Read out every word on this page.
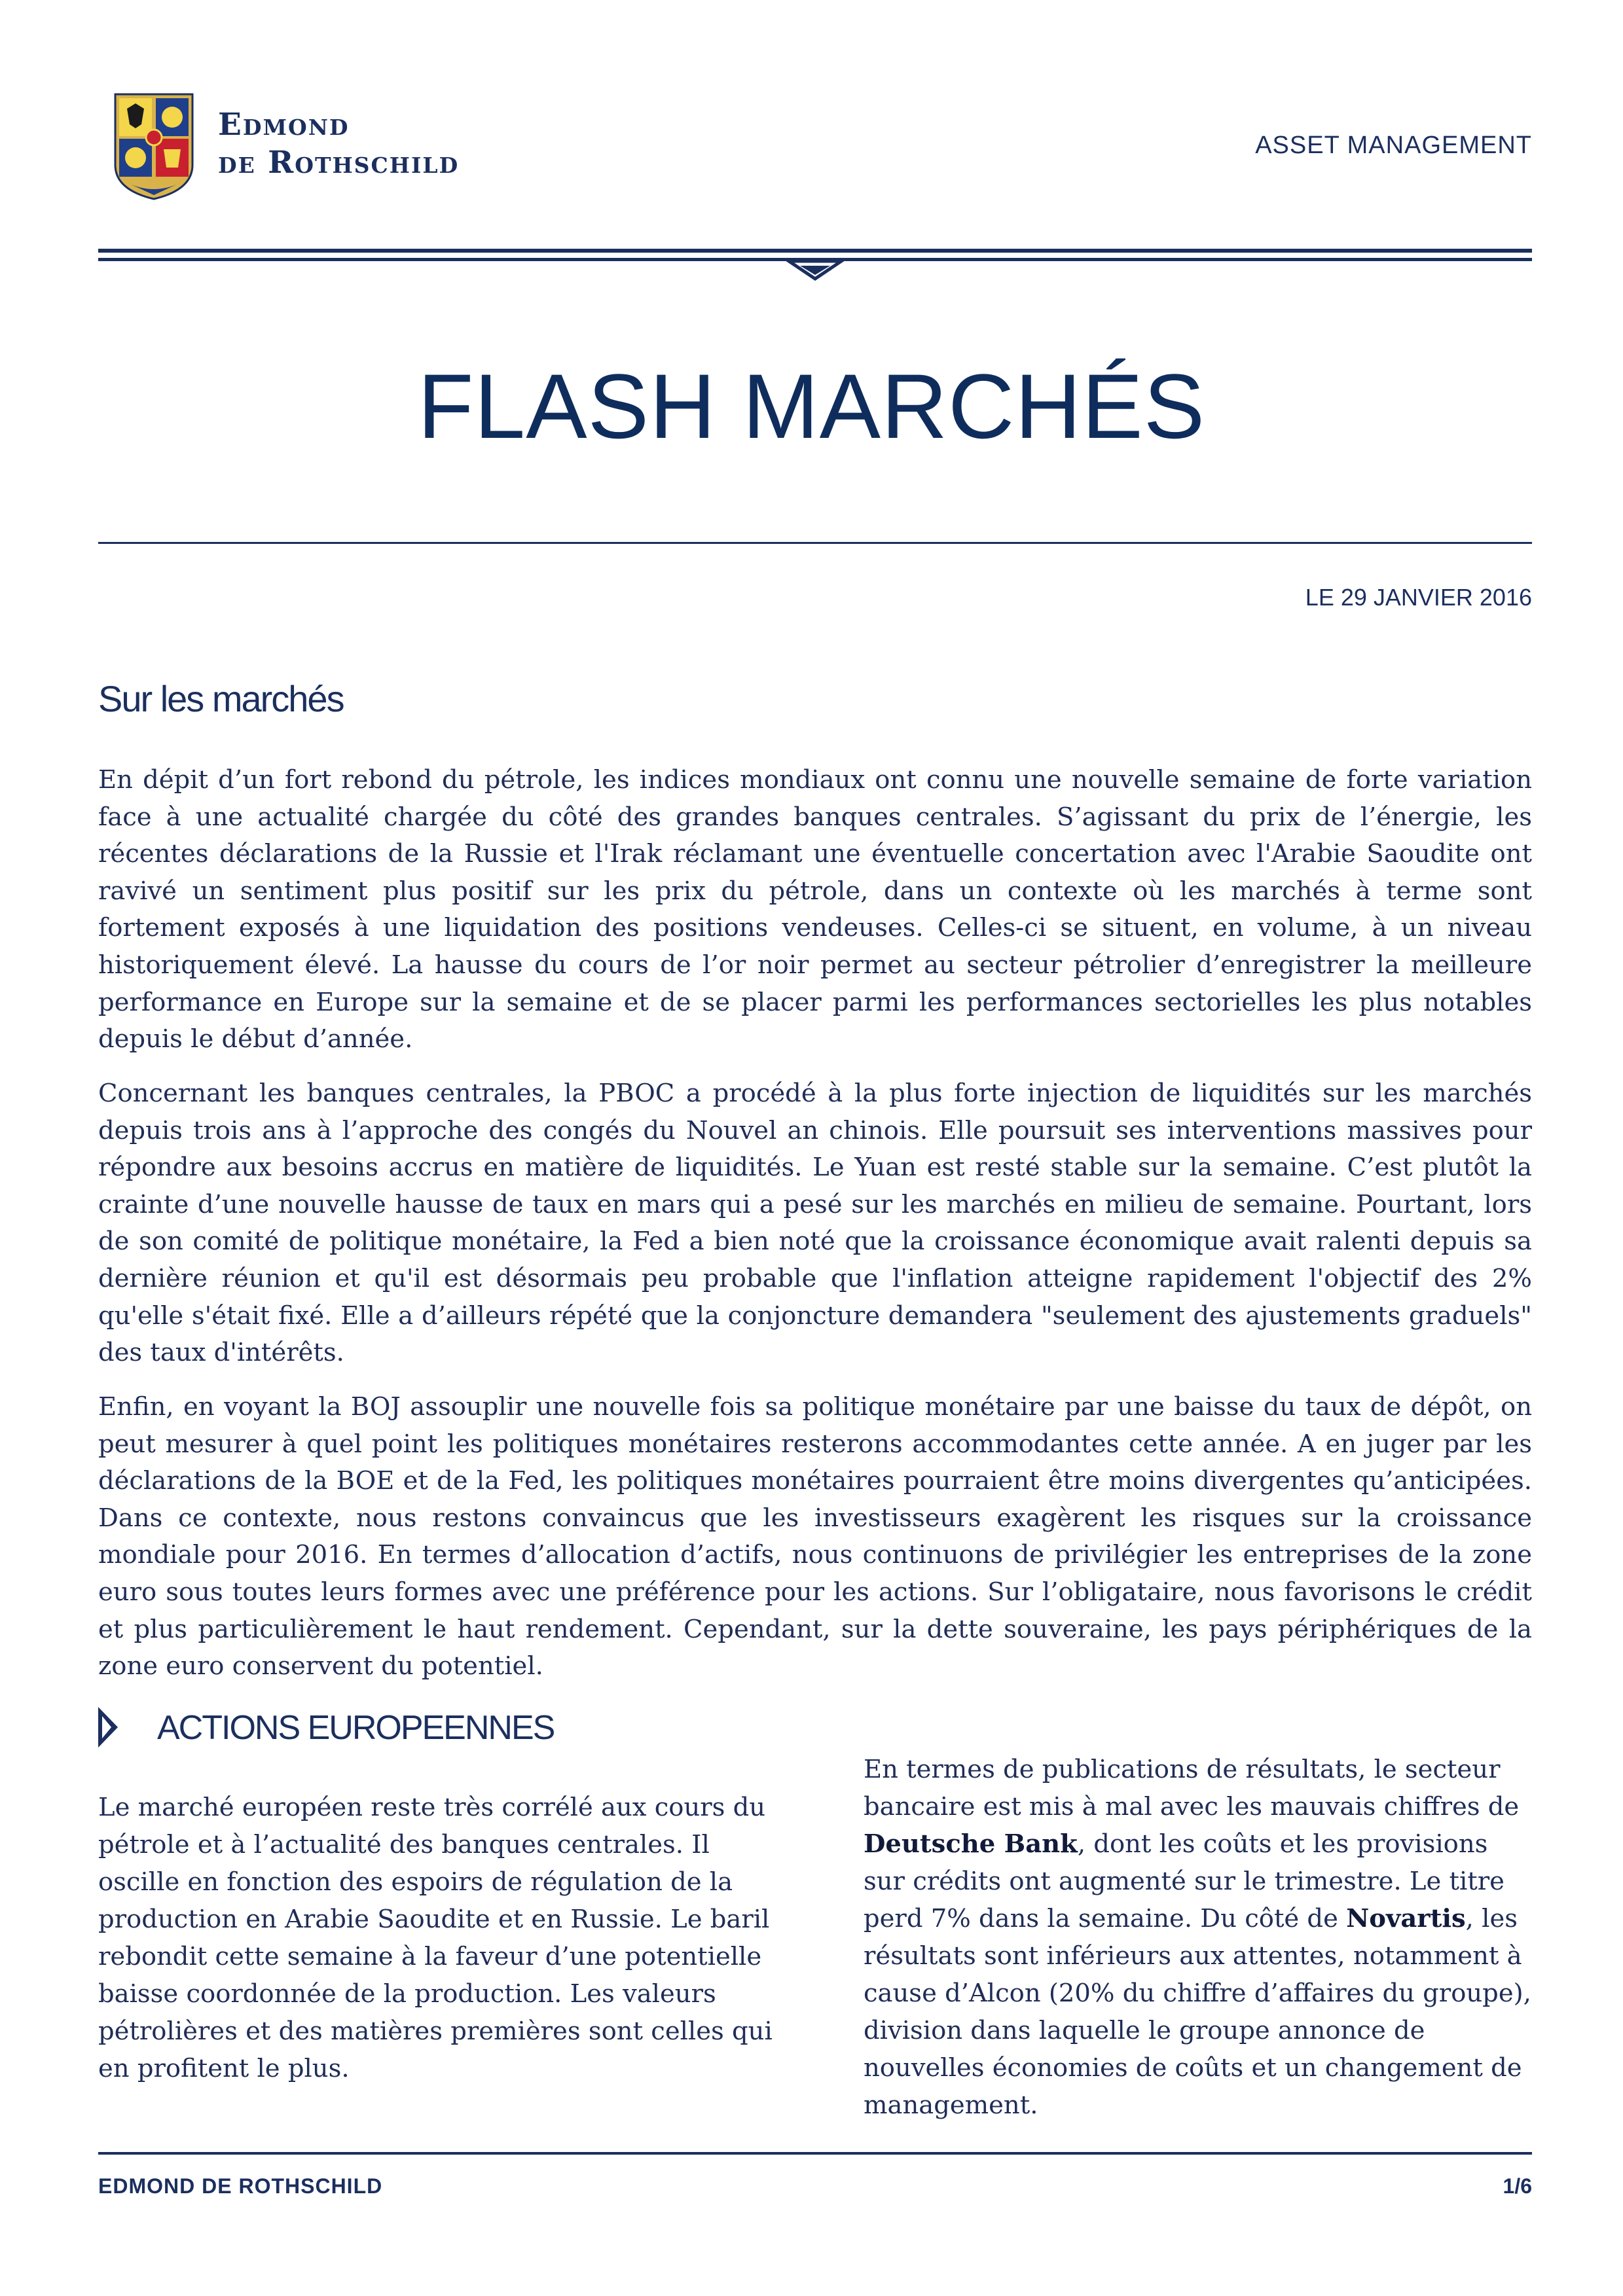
Edmond
de Rothschild	ASSET MANAGEMENT
FLASH MARCHÉS
LE 29 JANVIER 2016
Sur les marchés
En dépit d’un fort rebond du pétrole, les indices mondiaux ont connu une nouvelle semaine de forte variation face à une actualité chargée du côté des grandes banques centrales. S’agissant du prix de l’énergie, les récentes déclarations de la Russie et l'Irak réclamant une éventuelle concertation avec l'Arabie Saoudite ont ravivé un sentiment plus positif sur les prix du pétrole, dans un contexte où les marchés à terme sont fortement exposés à une liquidation des positions vendeuses. Celles-ci se situent, en volume, à un niveau historiquement élevé. La hausse du cours de l’or noir permet au secteur pétrolier d’enregistrer la meilleure performance en Europe sur la semaine et de se placer parmi les performances sectorielles les plus notables depuis le début d’année.
Concernant les banques centrales, la PBOC a procédé à la plus forte injection de liquidités sur les marchés depuis trois ans à l’approche des congés du Nouvel an chinois. Elle poursuit ses interventions massives pour répondre aux besoins accrus en matière de liquidités. Le Yuan est resté stable sur la semaine. C’est plutôt la crainte d’une nouvelle hausse de taux en mars qui a pesé sur les marchés en milieu de semaine. Pourtant, lors de son comité de politique monétaire, la Fed a bien noté que la croissance économique avait ralenti depuis sa dernière réunion et qu'il est désormais peu probable que l'inflation atteigne rapidement l'objectif des 2% qu'elle s'était fixé. Elle a d’ailleurs répété que la conjoncture demandera "seulement des ajustements graduels" des taux d'intérêts.
Enfin, en voyant la BOJ assouplir une nouvelle fois sa politique monétaire par une baisse du taux de dépôt, on peut mesurer à quel point les politiques monétaires resterons accommodantes cette année. A en juger par les déclarations de la BOE et de la Fed, les politiques monétaires pourraient être moins divergentes qu’anticipées. Dans ce contexte, nous restons convaincus que les investisseurs exagèrent les risques sur la croissance mondiale pour 2016. En termes d’allocation d’actifs, nous continuons de privilégier les entreprises de la zone euro sous toutes leurs formes avec une préférence pour les actions. Sur l’obligataire, nous favorisons le crédit et plus particulièrement le haut rendement. Cependant, sur la dette souveraine, les pays périphériques de la zone euro conservent du potentiel.
ACTIONS EUROPEENNES
Le marché européen reste très corrélé aux cours du pétrole et à l’actualité des banques centrales. Il oscille en fonction des espoirs de régulation de la production en Arabie Saoudite et en Russie. Le baril rebondit cette semaine à la faveur d’une potentielle baisse coordonnée de la production. Les valeurs pétrolières et des matières premières sont celles qui en profitent le plus.
En termes de publications de résultats, le secteur bancaire est mis à mal avec les mauvais chiffres de Deutsche Bank, dont les coûts et les provisions sur crédits ont augmenté sur le trimestre. Le titre perd 7% dans la semaine. Du côté de Novartis, les résultats sont inférieurs aux attentes, notamment à cause d’Alcon (20% du chiffre d’affaires du groupe), division dans laquelle le groupe annonce de nouvelles économies de coûts et un changement de management.
EDMOND DE ROTHSCHILD	1/6
